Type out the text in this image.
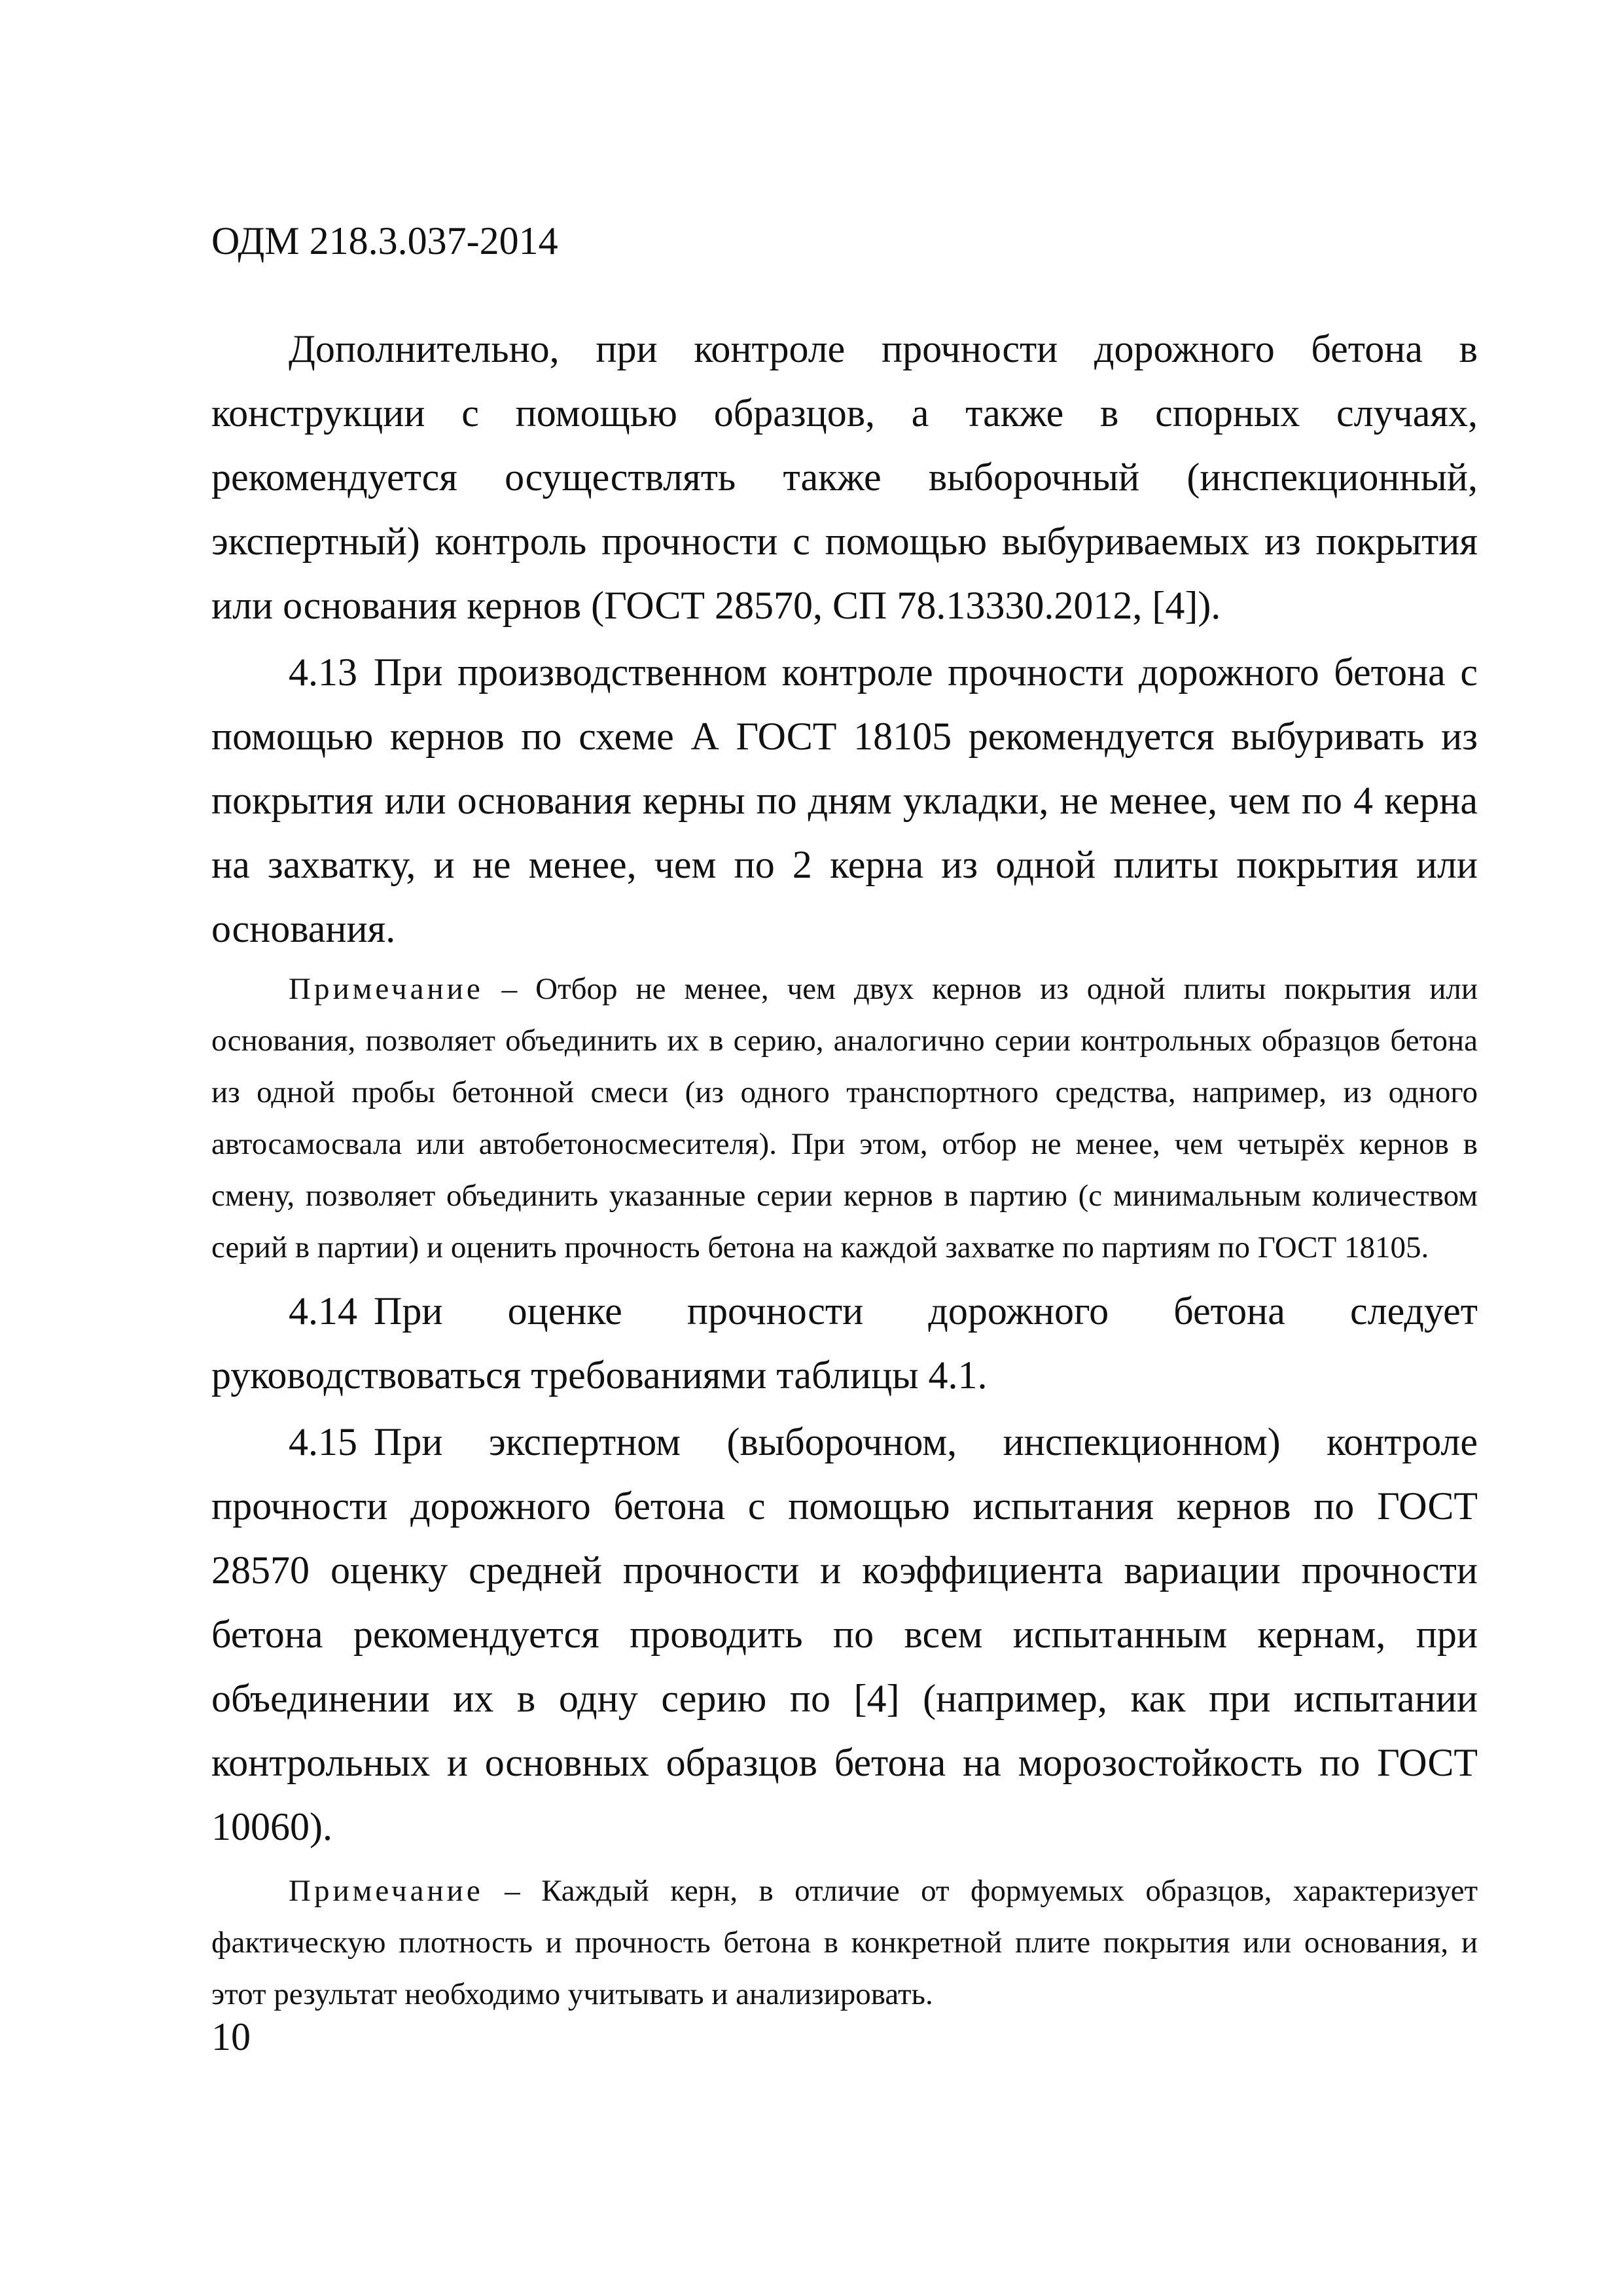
ОДМ 218.3.037-2014

Дополнительно, при контроле прочности дорожного бетона в конструкции с помощью образцов, а также в спорных случаях, рекомендуется осуществлять также выборочный (инспекционный, экспертный) контроль прочности с помощью выбуриваемых из покрытия или основания кернов (ГОСТ 28570, СП 78.13330.2012, [4]).

4.13 При производственном контроле прочности дорожного бетона с помощью кернов по схеме А ГОСТ 18105 рекомендуется выбуривать из покрытия или основания керны по дням укладки, не менее, чем по 4 керна на захватку, и не менее, чем по 2 керна из одной плиты покрытия или основания.

Примечание – Отбор не менее, чем двух кернов из одной плиты покрытия или основания, позволяет объединить их в серию, аналогично серии контрольных образцов бетона из одной пробы бетонной смеси (из одного транспортного средства, например, из одного автосамосвала или автобетоносмесителя). При этом, отбор не менее, чем четырёх кернов в смену, позволяет объединить указанные серии кернов в партию (с минимальным количеством серий в партии) и оценить прочность бетона на каждой захватке по партиям по ГОСТ 18105.

4.14 При оценке прочности дорожного бетона следует руководствоваться требованиями таблицы 4.1.

4.15 При экспертном (выборочном, инспекционном) контроле прочности дорожного бетона с помощью испытания кернов по ГОСТ 28570 оценку средней прочности и коэффициента вариации прочности бетона рекомендуется проводить по всем испытанным кернам, при объединении их в одну серию по [4] (например, как при испытании контрольных и основных образцов бетона на морозостойкость по ГОСТ 10060).

Примечание – Каждый керн, в отличие от формуемых образцов, характеризует фактическую плотность и прочность бетона в конкретной плите покрытия или основания, и этот результат необходимо учитывать и анализировать.

10
